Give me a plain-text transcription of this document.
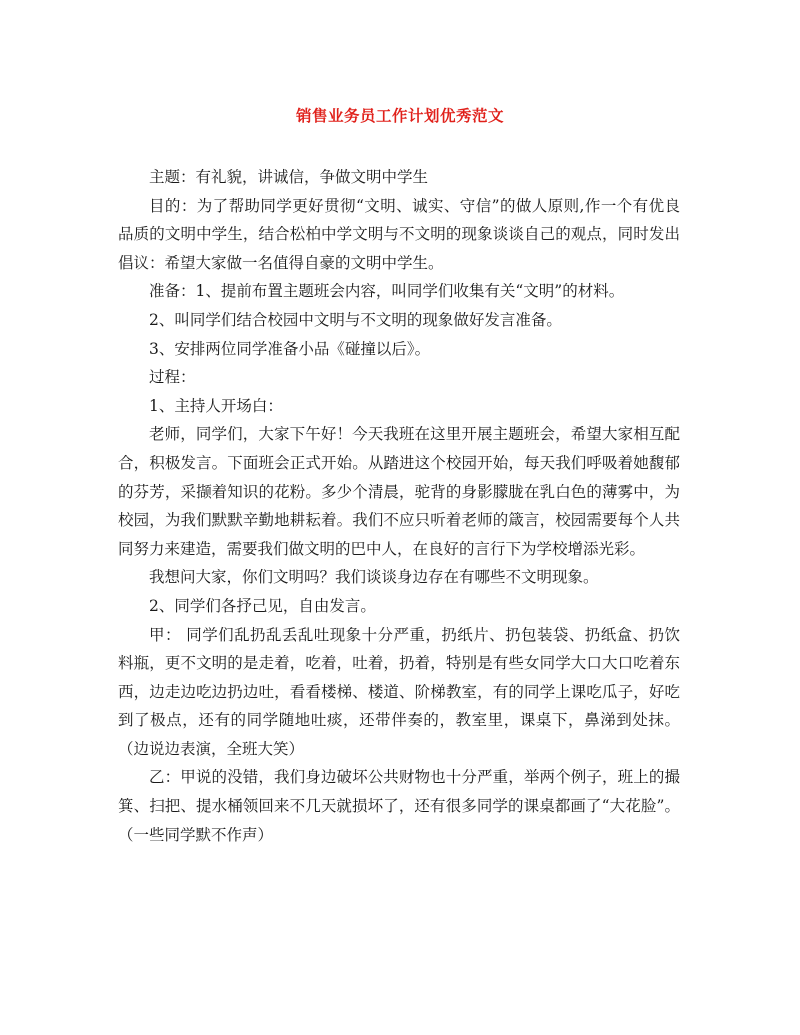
销售业务员工作计划优秀范文

主题：有礼貌，讲诚信，争做文明中学生

目的：为了帮助同学更好贯彻“文明、诚实、守信”的做人原则,作一个有优良品质的文明中学生，结合松柏中学文明与不文明的现象谈谈自己的观点，同时发出倡议：希望大家做一名值得自豪的文明中学生。

准备：1、提前布置主题班会内容，叫同学们收集有关“文明”的材料。

2、叫同学们结合校园中文明与不文明的现象做好发言准备。

3、安排两位同学准备小品《碰撞以后》。

过程：

1、主持人开场白：

老师，同学们，大家下午好！今天我班在这里开展主题班会，希望大家相互配合，积极发言。下面班会正式开始。从踏进这个校园开始，每天我们呼吸着她馥郁的芬芳，采撷着知识的花粉。多少个清晨，驼背的身影朦胧在乳白色的薄雾中，为校园，为我们默默辛勤地耕耘着。我们不应只听着老师的箴言，校园需要每个人共同努力来建造，需要我们做文明的巴中人，在良好的言行下为学校增添光彩。

我想问大家，你们文明吗？我们谈谈身边存在有哪些不文明现象。

2、同学们各抒己见，自由发言。

甲： 同学们乱扔乱丢乱吐现象十分严重，扔纸片、扔包装袋、扔纸盒、扔饮料瓶，更不文明的是走着，吃着，吐着，扔着，特别是有些女同学大口大口吃着东西，边走边吃边扔边吐，看看楼梯、楼道、阶梯教室，有的同学上课吃瓜子，好吃到了极点，还有的同学随地吐痰，还带伴奏的，教室里，课桌下，鼻涕到处抹。（边说边表演，全班大笑）

乙：甲说的没错，我们身边破坏公共财物也十分严重，举两个例子，班上的撮箕、扫把、提水桶领回来不几天就损坏了，还有很多同学的课桌都画了“大花脸”。（一些同学默不作声）
